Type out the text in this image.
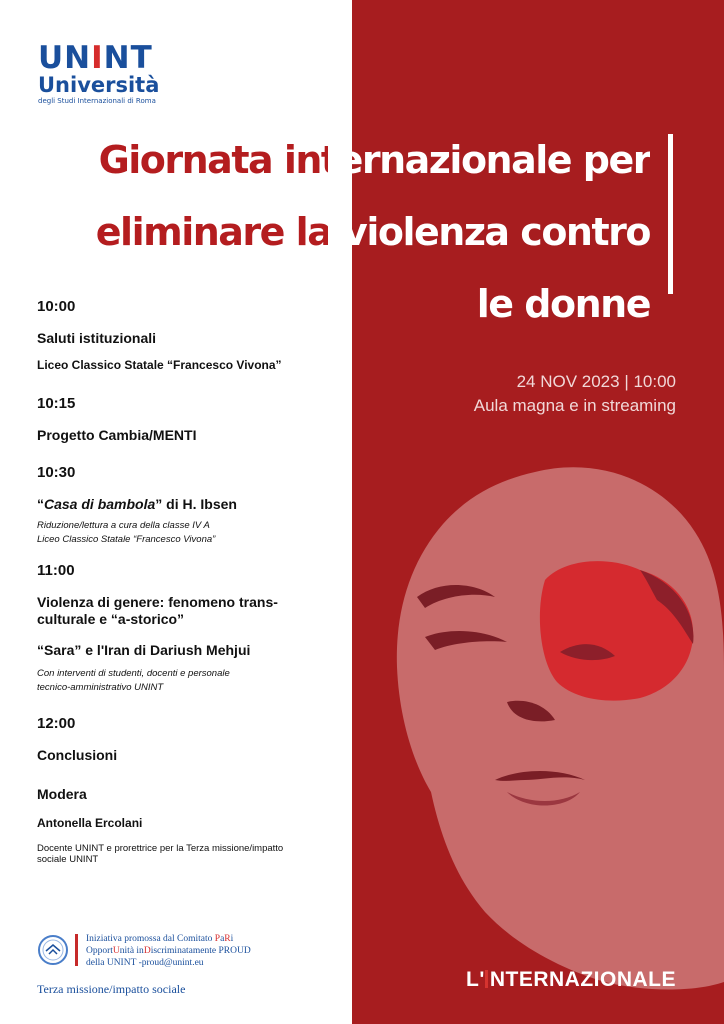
UNINT
Università
degli Studi Internazionali di Roma
Giornata internazionale per
eliminare la violenza contro
le donne
24 NOV 2023 | 10:00
Aula magna e in streaming
10:00
Saluti istituzionali
Liceo Classico Statale “Francesco Vivona”
10:15
Progetto Cambia/MENTI
10:30
“Casa di bambola” di H. Ibsen
Riduzione/lettura a cura della classe IV A
Liceo Classico Statale “Francesco Vivona”
11:00
Violenza di genere: fenomeno trans-
culturale e “a-storico”
“Sara” e l'Iran di Dariush Mehjui
Con interventi di studenti, docenti e personale
tecnico-amministrativo UNINT
12:00
Conclusioni
Modera
Antonella Ercolani
Docente UNINT e prorettrice per la Terza missione/impatto
sociale UNINT
Iniziativa promossa dal Comitato PaRi
OpportUnità inDiscriminatamente PROUD
della UNINT -proud@unint.eu
Terza missione/impatto sociale	L' NTERNAZIONALE
